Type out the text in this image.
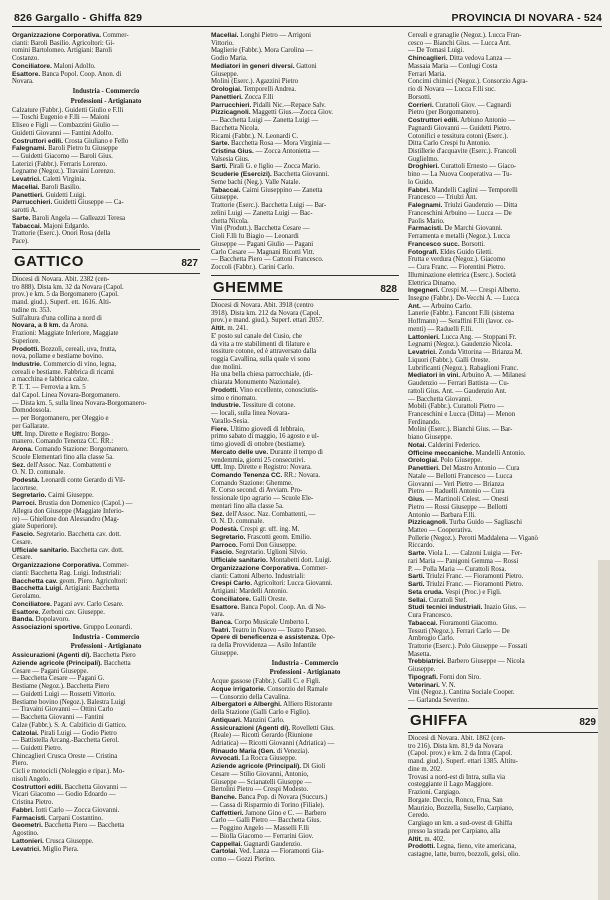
826 Gargallo - Ghiffa 829	PROVINCIA DI NOVARA - 524
Organizzazione Corporativa. Commer-
cianti: Baroli Basilio. Agricoltori: Gi-
romini Bartolomeo. Artigiani: Baroli
Costanzo.
Conciliatore. Maloni Adolfo.
Esattore. Banca Popol. Coop. Anon. di
Novara.
Industria - Commercio
Professioni - Artigianato
Calzature (Fabbr.). Guidetti Giulio e F.lli
— Toschi Eugenio e F.lli — Maioni
Eliseo e Figli — Combazzini Giulio —
Guidetti Giovanni — Fantini Adolfo.
Costruttori edili. Crosta Giuliano e Fello
Falegnami. Baroli Pietro fu Giuseppe
— Guidetti Giacomo — Baroli Gius.
Laterizi (Fabbr.). Ferraris Lorenzo.
Legname (Negoz.). Travaini Lorenzo.
Levatrici. Caletti Virginia.
Macellai. Baroli Basilio.
Panettieri. Guidetti Luigi.
Parrucchieri. Guidetti Giuseppe — Ca-
sarotti A.
Sarte. Baroli Angela — Galleazzi Teresa
Tabaccai. Majoni Edgardo.
Trattorie (Eserc.). Onori Rosa (della
Pace).
GATTICO	827
Diocesi di Novara. Abit. 2382 (cen-
tro 888). Dista km. 32 da Novara (Capol.
prov.) e km. 5 da Borgomanero (Capol.
mand. giud.). Superf. ett. 1616. Alti-
tudine m. 353.
Sull'altura d'una collina a nord di
Novara, a 8 km. da Arona.
Frazioni: Maggiate Inferiore, Maggiate
Superiore.
Prodotti. Bozzoli, cereali, uva, frutta,
nova, pollame e bestiame bovino.
Industrie. Commercio di vino, legna,
cereali e bestiame. Fabbrica di ricami
a macchina e fabbrica calze.
P. T. T. — Ferrovia a km. 5
dal Capol. Linea Novara-Borgomanero.
— Dista km. 5, sulla linea Novara-Borgomanero-
Domodossola.
— per Borgomanero, per Oleggio e
per Gallarate.
Uff. Imp. Dirette e Registro: Borgo-
manero. Comando Tenenza CC. RR.:
Arona. Comando Stazione: Borgomanero.
Scuole Elementari fino alla classe 5a.
Sez. dell'Assoc. Naz. Combattenti e
O. N. D. comunale.
Podestà. Leonardi conte Gerardo di Vil-
lacortese.
Segretario. Caimi Giuseppe.
Parroci. Brustia don Domenico (Capol.) —
Allegra don Giuseppe (Maggiate Inferio-
re) — Ghiellone don Alessandro (Mag-
giate Superiore).
Fascio. Segretario. Bacchetta cav. dott.
Cesare.
Ufficiale sanitario. Bacchetta cav. dott.
Cesare.
Organizzazione Corporativa. Commer-
cianti: Bacchetta Rag. Luigi. Industriali:
Bacchetta cav. geom. Piero. Agricoltori:
Bacchetta Luigi. Artigiani: Bacchetta
Gerolamo.
Conciliatore. Pagani avv. Carlo Cesare.
Esattore. Zerboni cav. Giuseppe.
Banda. Dopolavoro.
Associazioni sportive. Gruppo Leonardi.
Industria - Commercio
Professioni - Artigianato
Assicurazioni (Agenti di). Bacchetta Piero
Aziende agricole (Principali). Bacchetta
Cesare — Pagani Giuseppe.
— Bacchetta Cesare — Pagani G.
Bestiame (Negoz.). Bacchetta Piero
— Guidetti Luigi — Rossetti Vittorio.
Bestiame bovino (Negoz.). Balestra Luigi
— Travaini Giovanni — Ottini Carlo
— Bacchetta Giovanni — Fantini
Calze (Fabbr.). S. A. Calzificio di Gattico.
Calzolai. Pirali Luigi — Godio Pietro
— Battistella Arcang.-Bacchetta Gerol.
— Guidetti Pietro.
Chincaglieri Crusca Oreste — Cristina
Piero.
Cicli e motocicli (Noleggio e ripar.). Mo-
nisoli Angelo.
Costruttori edili. Bacchetta Giovanni —
Vicari Giacomo — Godio Edoardo —
Cristina Pietro.
Fabbri. Iotti Carlo — Zocca Giovanni.
Farmacisti. Carpani Costantino.
Geometri. Bacchetta Piero — Bacchetta
Agostino.
Lattonieri. Crusca Giuseppe.
Levatrici. Miglio Piera.
Macellai. Longhi Pietro — Arrigoni
Vittorio.
Maglierie (Fabbr.). Mora Carolina —
Godio Maria.
Mediatori in generi diversi. Gattoni
Giuseppe.
Molini (Eserc.). Agazzini Pietro
Orologiai. Temporelli Andrea.
Panettieri. Zocca F.lli
Parrucchieri. Pidalli Nic.—Repace Salv.
Pizzicagnoli. Maggetti Gius.—Zocca Giov.
— Bacchetta Luigi — Zanetta Luigi —
Bacchetta Nicola.
Ricami (Fabbr.). N. Leonardi C.
Sarte. Bacchetta Rosa — Mora Virginia —
Cristina Gius. — Zocca Antonietta —
Valsesia Gius.
Sarti. Pirali G. e figlio — Zocca Mario.
Scuderie (Esercizi). Bacchetta Giovanni.
Seme bachi (Neg.). Valle Natale.
Tabaccai. Caimi Giuseppino — Zanetta
Giuseppe.
Trattorie (Eserc.). Bacchetta Luigi — Bar-
zelini Luigi — Zanetta Luigi — Bac-
chetta Nicola.
Vini (Produtt.). Bacchetta Cesare —
Cioli F.lli fu Biagio — Leonardi
Giuseppe — Pagani Giulio — Pagani
Carlo Cesare — Magnani Ricotti Vitt.
— Bacchetta Piero — Cattoni Francesco.
Zoccoli (Fabbr.). Carini Carlo.
GHEMME	828
Diocesi di Novara. Abit. 3918 (centro
3918). Dista km. 212 da Novara (Capol.
prov.) e mand. giud.). Superf. ettari 2057.
Altit. m. 241.
E' posto sul canale del Cusio, che
dà vita a tre stabilimenti di filature e
tessiture cotone, ed è attraversato dalla
roggia Cavallina, sulla quale vi sono
due molini.
Ha una bella chiesa parrocchiale, (di-
chiarata Monumento Nazionale).
Prodotti. Vino eccellente, conosciutis-
simo e rinomato.
Industrie. Tessiture di cotone.
— locali, sulla linea Novara-
Varallo-Sesia.
Fiere. Ultimo giovedì di febbraio,
primo sabato di maggio, 16 agosto e ul-
timo giovedì di ottobre (bestiame).
Mercato delle uve. Durante il tempo di
vendemmia, giorni 25 consecutivi.
Uff. Imp. Dirette e Registro: Novara.
Comando Tenenza CC. RR.: Novara.
Comando Stazione: Ghemme.
R. Corso second. di Avviam. Pro-
fessionale tipo agrario — Scuole Ele-
mentari fino alla classe 5a.
Sez. dell'Assoc. Naz. Combattenti, —
O. N. D. comunale.
Podestà. Crespi gr. uff. ing. M.
Segretario. Frascotti geom. Emilio.
Parroco. Fornì Don Giuseppe.
Fascio. Segretario. Uglioni Silvio.
Ufficiale sanitario. Montabetti dott. Luigi.
Organizzazione Corporativa. Commer-
cianti: Cattoni Alberto. Industriali:
Crespi Carlo. Agricoltori: Lucca Giovanni.
Artigiani: Mardelli Antonio.
Conciliatore. Galli Oreste.
Esattore. Banca Popol. Coop. An. di No-
vara.
Banca. Corpo Musicale Umberto I.
Teatri. Teatro in Nuovo — Teatro Panseo.
Opere di beneficenza e assistenza. Ope-
ra della Provvidenza — Asilo Infantile
Giuseppe.
Industria - Commercio
Professioni - Artigianato
Acque gassose (Fabbr.). Galli C. e Figli.
Acque irrigatorie. Consorzio del Ramale
— Consorzio della Cavalina.
Albergatori e Alberghi. Alfiero Ristorante
della Stazione (Galli Carlo e Figlio).
Antiquari. Manzini Carlo.
Assicurazioni (Agenti di). Rovelletti Gius.
(Reale) — Ricotti Gerardo (Riunione
Adriatica) — Ricotti Giovanni (Adriatica) —
Rinaudo Maria (Gen. di Venezia).
Avvocati. La Rocca Giuseppe.
Aziende agricole (Principali). Di Gioli
Cesare — Stilio Giovanni, Antonio,
Giuseppe — Scianatelli Giuseppe —
Bertolini Pietro — Crespi Modesto.
Banche. Banca Pop. di Novara (Succurs.)
— Cassa di Risparmio di Torino (Filiale).
Caffettieri. Jamone Gino e C. — Barbero
Carlo — Galli Pietro — Bacchetta Gius.
— Poggino Angelo — Masselli F.lli
— Biolla Giacomo — Ferrarini Giov.
Cappellai. Gagnardi Gaudenzio.
Cartolai. Ved. Lanza — Fioramonti Gia-
como — Gozzi Pierino.
Cereali e granaglie (Negoz.). Lucca Fran-
cesco — Bianchi Gius. — Lucca Ant.
— De Tomasi Luigi.
Chincaglieri. Ditta vedova Lanza —
Massaia Maria — Conlugi Costa
Ferrari Maria.
Concimi chimici (Negoz.). Consorzio Agra-
rio di Novara — Lucca F.lli suc.
Borsotti.
Corrieri. Curattoli Giov. — Cagnardi
Pietro (per Borgomanero).
Costruttori edili. Arbiuno Antonio —
Pagnardi Giovanni — Guidetti Pietro.
Cotonifici e tessitura cotoni (Eserc.).
Ditta Carlo Crespi fu Antonio.
Distillerie d'acquavite (Eserc.). Francoli
Guglielmo.
Droghieri. Curattoli Ernesto — Giaco-
bino — La Nuova Cooperativa — Tu-
lo Guido.
Fabbri. Mandelli Caglini — Temporelli
Francesco — Triulzi Ant.
Falegnami. Triulzi Gaudenzio — Ditta
Franceschini Arbuino — Lucca — De
Paolis Mario.
Farmacisti. De Marchi Giovanni.
Ferramenta e metalli (Negoz.). Lucca
Francesco succ. Borsotti.
Fotografi. Eldes Guido Gletti.
Frutta e verdura (Negoz.). Giacomo
— Cura Franc. — Fiorentini Pietro.
Illuminazione elettrica (Eserc.). Società
Elettrica Dinamo.
Ingegneri. Crespi M. — Crespi Alberto.
Insegne (Fabbr.). De-Vecchi A. — Lucca
Ant. — Arbuino Carlo.
Lanerie (Fabbr.). Fancont F.lli (sistema
Hoffmann) — Seraffini F.lli (lavor. ce-
menti) — Raduelli F.lli.
Lattonieri. Lucca Ang. — Stoppani Fr.
Legnami (Negoz.). Gaudenzio Nicola.
Levatrici. Zonda Vittorina — Brianza M.
Liquori (Fabbr.). Galli Oreste.
Lubrificanti (Negoz.). Rabaglioni Franc.
Mediatori in vini. Arbuino A. — Milanesi
Gaudenzio — Ferrari Battista — Cu-
rattoli Gius. Ant. — Gaudenzio Ant.
— Bacchetta Giovanni.
Mobili (Fabbr.). Curattoli Pietro —
Franceschini e Lucca (Ditta) — Menon
Ferdinando.
Molini (Eserc.). Bianchi Gius. — Bar-
biano Giuseppe.
Notai. Calderini Federico.
Officine meccaniche. Mandelli Antonio.
Orologiai. Polo Giuseppe.
Panettieri. Del Mastro Antonio — Cura
Natale — Bellotti Francesco — Lucca
Giovanni — Veri Pietro — Brianza
Pietro — Raduelli Antonio — Cura
Gius. — Martinoli Celest. — Onesti
Pietro — Rossi Giuseppe — Bellotti
Antonio — Barbara F.lli.
Pizzicagnoli. Turba Guido — Sagliaschi
Matteo — Cooperativa.
Pollerie (Negoz.). Perotti Maddalena — Viganò
Riccardo.
Sarte. Viola L. — Calzoni Luigia — Fer-
rari Maria — Panigoni Gemma — Rossi
P. — Polla Maria — Curattoli Rosa.
Sarti. Triulzi Franc. — Fioramonti Pietro.
Sarti. Triulzi Franc. — Fioramonti Pietro.
Seta cruda. Vespi (Proc.) e Figli.
Sellai. Curattoli Stef.
Studi tecnici industriali. Inazio Gius. —
Cura Francesco.
Tabaccai. Fioramonti Giacomo.
Tessuti (Negoz.). Ferrari Carlo — De
Ambrogio Carlo.
Trattorie (Eserc.). Polo Giuseppe — Fossati
Masetta.
Trebbiatrici. Barbero Giuseppe — Nicola
Giuseppe.
Tipografi. Forni don Siro.
Veterinari. V. N.
Vini (Negoz.). Cantina Sociale Cooper.
— Garlanda Severino.
GHIFFA	829
Diocesi di Novara. Abit. 1862 (cen-
tro 216). Dista km. 81,9 da Novara
(Capol. prov.) e km. 2 da Intra (Capol.
mand. giud.). Superf. ettari 1385. Altitu-
dine m. 202.
Trovasi a nord-est di Intra, sulla via
costeggiante il Lago Maggiore.
Frazioni. Cargiago.
Borgate. Deccio, Ronco, Frua, San
Maurizio, Bozzella, Susello, Carpiano,
Ceredo.
Cargiago un km. a sud-ovest di Ghiffa
presso la strada per Carpiano, alla
Altit. m. 402.
Prodotti. Legna, fieno, vite americana,
castagne, latte, burro, bozzoli, gelsi, olio.
